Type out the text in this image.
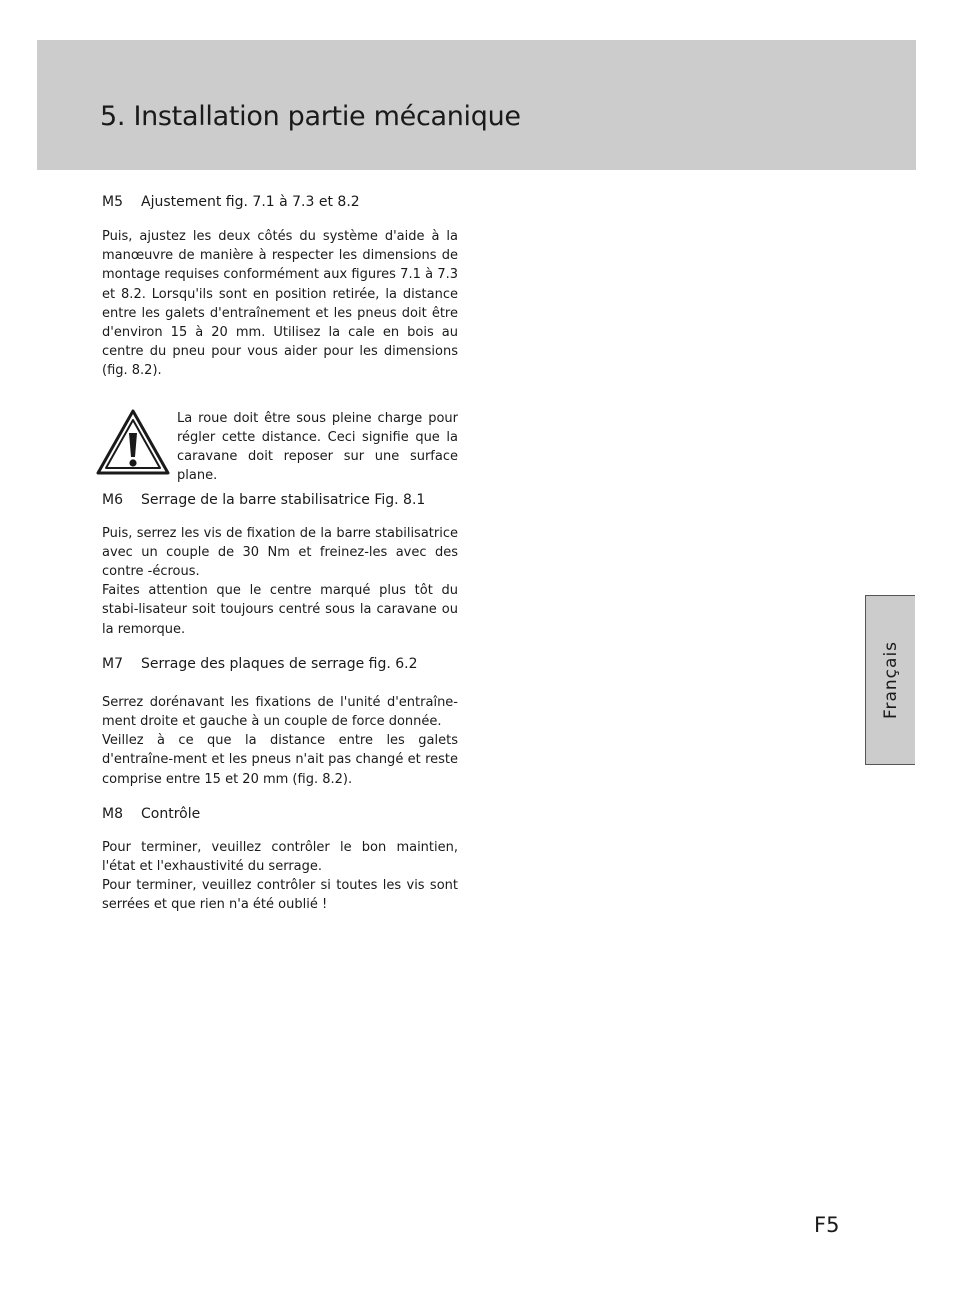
5. Installation partie mécanique

M5 Ajustement fig. 7.1 à 7.3 et 8.2

Puis, ajustez les deux côtés du système d'aide à la manœuvre de manière à respecter les dimensions de montage requises conformément aux figures 7.1 à 7.3 et 8.2. Lorsqu'ils sont en position retirée, la distance entre les galets d'entraînement et les pneus doit être d'environ 15 à 20 mm. Utilisez la cale en bois au centre du pneu pour vous aider pour les dimensions (fig. 8.2).

La roue doit être sous pleine charge pour régler cette distance. Ceci signifie que la caravane doit reposer sur une surface plane.

M6 Serrage de la barre stabilisatrice Fig. 8.1

Puis, serrez les vis de fixation de la barre stabilisatrice avec un couple de 30 Nm et freinez-les avec des contre -écrous.

Faites attention que le centre marqué plus tôt du stabi-lisateur soit toujours centré sous la caravane ou la remorque.

M7 Serrage des plaques de serrage fig. 6.2

Serrez dorénavant les fixations de l'unité d'entraîne-ment droite et gauche à un couple de force donnée.

Veillez à ce que la distance entre les galets d'entraîne-ment et les pneus n'ait pas changé et reste comprise entre 15 et 20 mm (fig. 8.2).

M8 Contrôle

Pour terminer, veuillez contrôler le bon maintien, l'état et l'exhaustivité du serrage.

Pour terminer, veuillez contrôler si toutes les vis sont serrées et que rien n'a été oublié !

Français
F5
